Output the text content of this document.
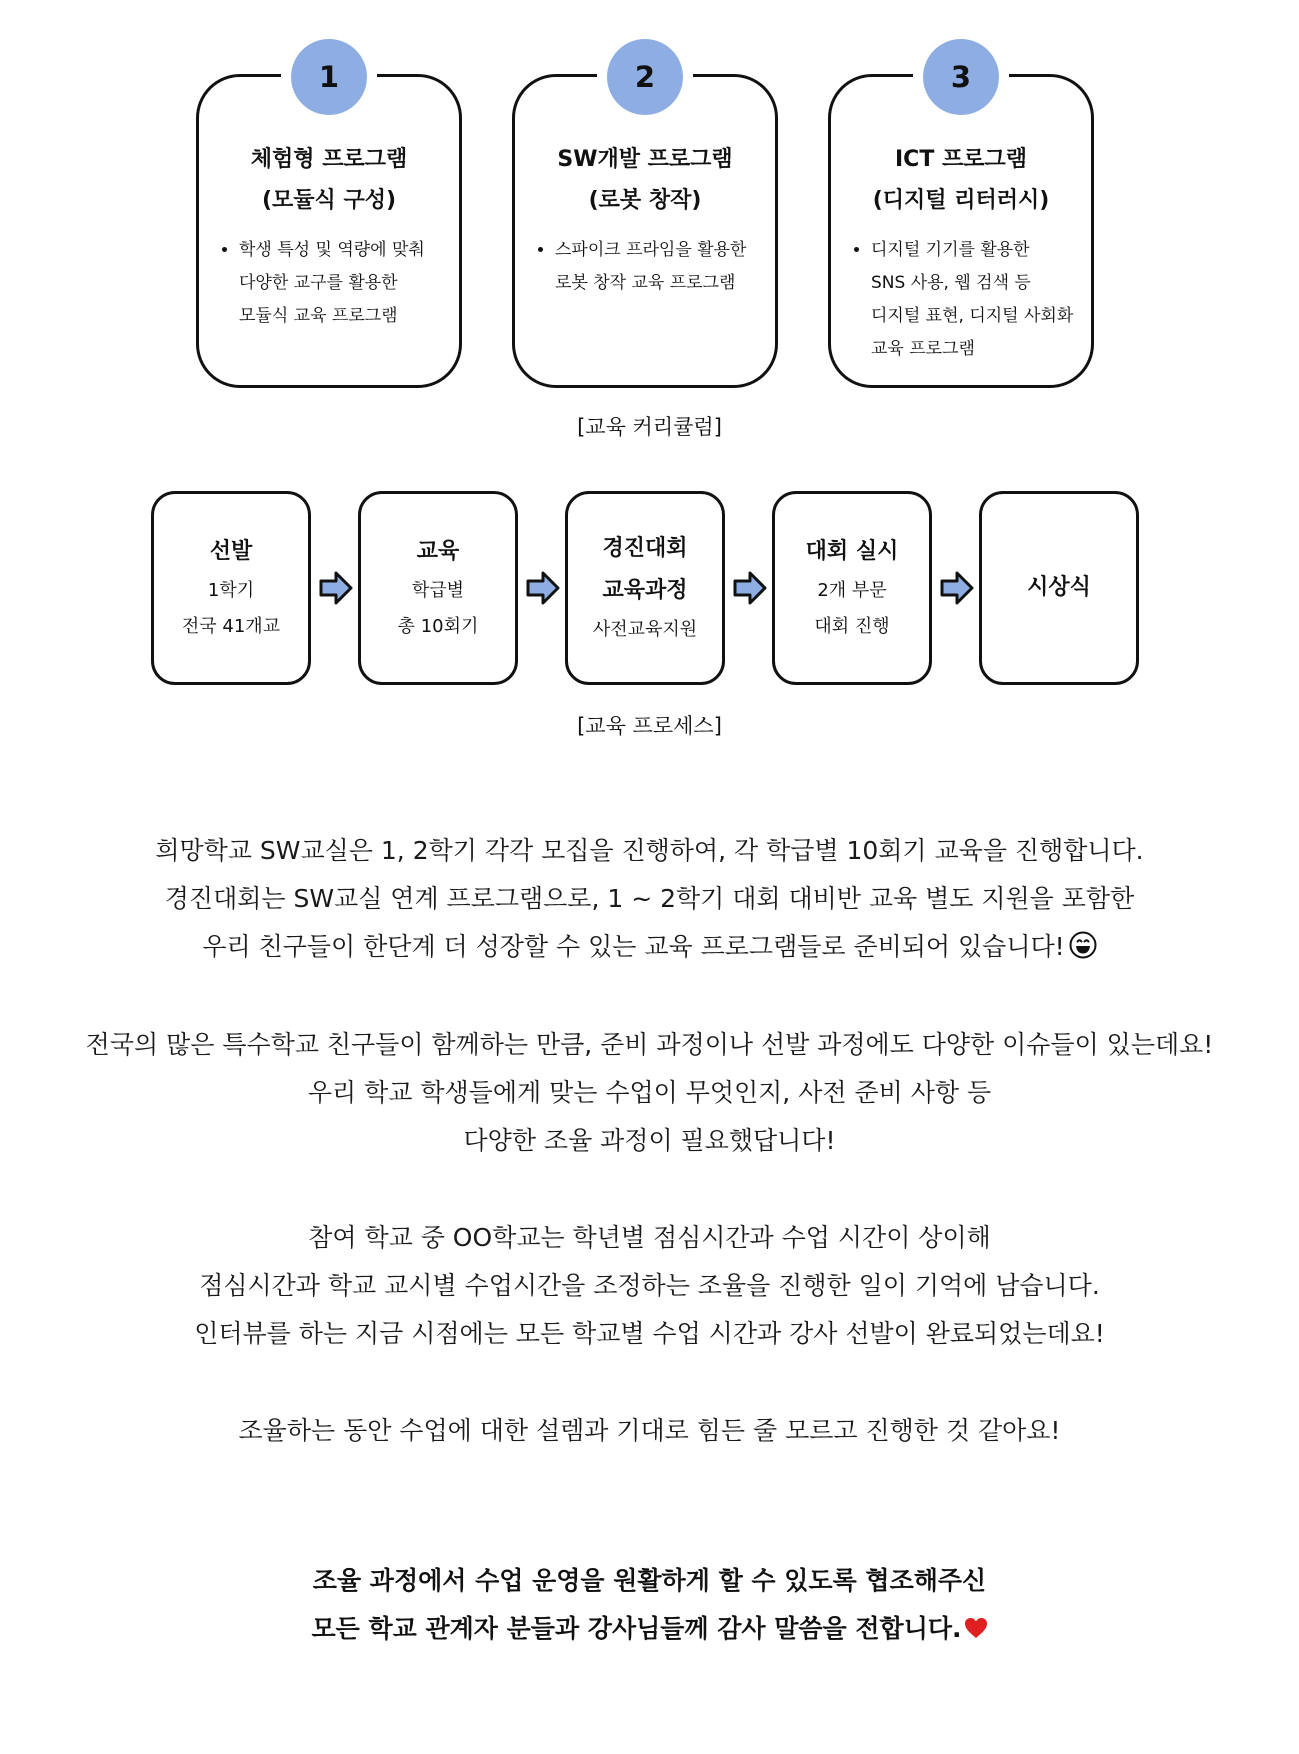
1
체험형 프로그램
(모듈식 구성)
• 학생 특성 및 역량에 맞춰
다양한 교구를 활용한
모듈식 교육 프로그램
2
SW개발 프로그램
(로봇 창작)
• 스파이크 프라임을 활용한
로봇 창작 교육 프로그램
3
ICT 프로그램
(디지털 리터러시)
• 디지털 기기를 활용한
SNS 사용, 웹 검색 등
디지털 표현, 디지털 사회화
교육 프로그램
[교육 커리큘럼]
선발
1학기
전국 41개교
교육
학급별
총 10회기
경진대회
교육과정
사전교육지원
대회 실시
2개 부문
대회 진행
시상식
[교육 프로세스]
희망학교 SW교실은 1, 2학기 각각 모집을 진행하여, 각 학급별 10회기 교육을 진행합니다.
경진대회는 SW교실 연계 프로그램으로, 1 ~ 2학기 대회 대비반 교육 별도 지원을 포함한
우리 친구들이 한단계 더 성장할 수 있는 교육 프로그램들로 준비되어 있습니다!
전국의 많은 특수학교 친구들이 함께하는 만큼, 준비 과정이나 선발 과정에도 다양한 이슈들이 있는데요!
우리 학교 학생들에게 맞는 수업이 무엇인지, 사전 준비 사항 등
다양한 조율 과정이 필요했답니다!
참여 학교 중 OO학교는 학년별 점심시간과 수업 시간이 상이해
점심시간과 학교 교시별 수업시간을 조정하는 조율을 진행한 일이 기억에 남습니다.
인터뷰를 하는 지금 시점에는 모든 학교별 수업 시간과 강사 선발이 완료되었는데요!
조율하는 동안 수업에 대한 설렘과 기대로 힘든 줄 모르고 진행한 것 같아요!
조율 과정에서 수업 운영을 원활하게 할 수 있도록 협조해주신
모든 학교 관계자 분들과 강사님들께 감사 말씀을 전합니다.
